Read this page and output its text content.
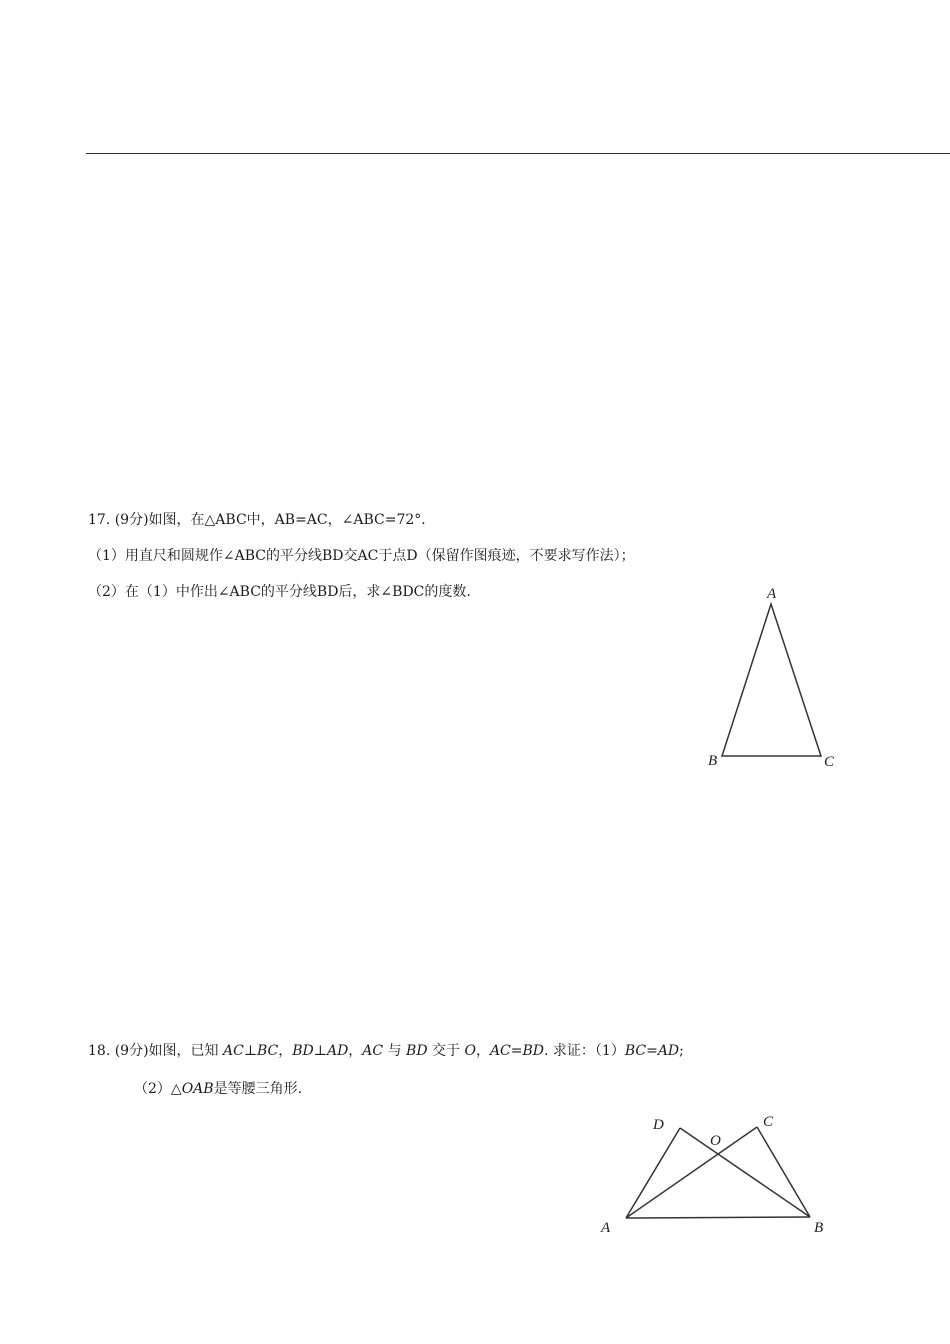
17. (9分)如图，在△ABC中，AB=AC，∠ABC=72°．
（1）用直尺和圆规作∠ABC的平分线BD交AC于点D（保留作图痕迹，不要求写作法）；
（2）在（1）中作出∠ABC的平分线BD后，求∠BDC的度数.	A
B	C
18. (9分)如图，已知 AC⊥BC，BD⊥AD，AC 与 BD 交于 O，AC=BD. 求证：（1）BC=AD;
（2）△OAB是等腰三角形.
D	C
O
A	B
